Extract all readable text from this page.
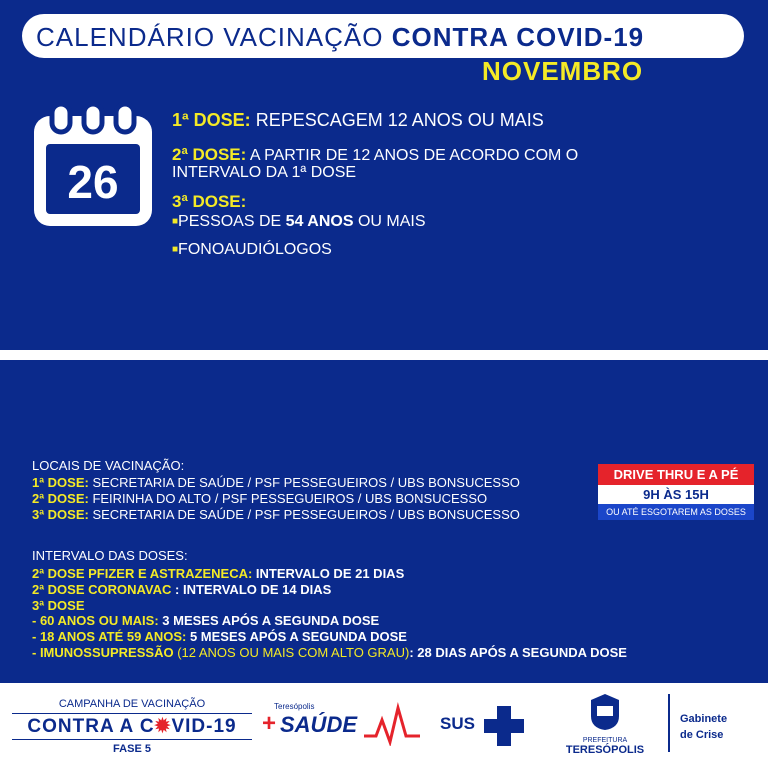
CALENDÁRIO VACINAÇÃO CONTRA COVID-19
NOVEMBRO
26
1ª DOSE: REPESCAGEM 12 ANOS OU MAIS
2ª DOSE: A PARTIR DE 12 ANOS DE ACORDO COM O
INTERVALO DA 1ª DOSE
3ª DOSE:
■PESSOAS DE 54 ANOS OU MAIS
■FONOAUDIÓLOGOS
LOCAIS DE VACINAÇÃO:
1ª DOSE: SECRETARIA DE SAÚDE / PSF PESSEGUEIROS / UBS BONSUCESSO
2ª DOSE: FEIRINHA DO ALTO / PSF PESSEGUEIROS / UBS BONSUCESSO
3ª DOSE: SECRETARIA DE SAÚDE / PSF PESSEGUEIROS / UBS BONSUCESSO
DRIVE THRU E A PÉ
9H ÀS 15H
OU ATÉ ESGOTAREM AS DOSES
INTERVALO DAS DOSES:
2ª DOSE PFIZER E ASTRAZENECA: INTERVALO DE 21 DIAS
2ª DOSE CORONAVAC : INTERVALO DE 14 DIAS
3ª DOSE
- 60 ANOS OU MAIS: 3 MESES APÓS A SEGUNDA DOSE
- 18 ANOS ATÉ 59 ANOS: 5 MESES APÓS A SEGUNDA DOSE
- IMUNOSSUPRESSÃO (12 ANOS OU MAIS COM ALTO GRAU): 28 DIAS APÓS A SEGUNDA DOSE
CAMPANHA DE VACINAÇÃO
CONTRA A C✹VID-19
FASE 5
Teresópolis
+ SAÚDE	SUS
PREFEITURA
TERESÓPOLIS
Gabinete
de Crise
